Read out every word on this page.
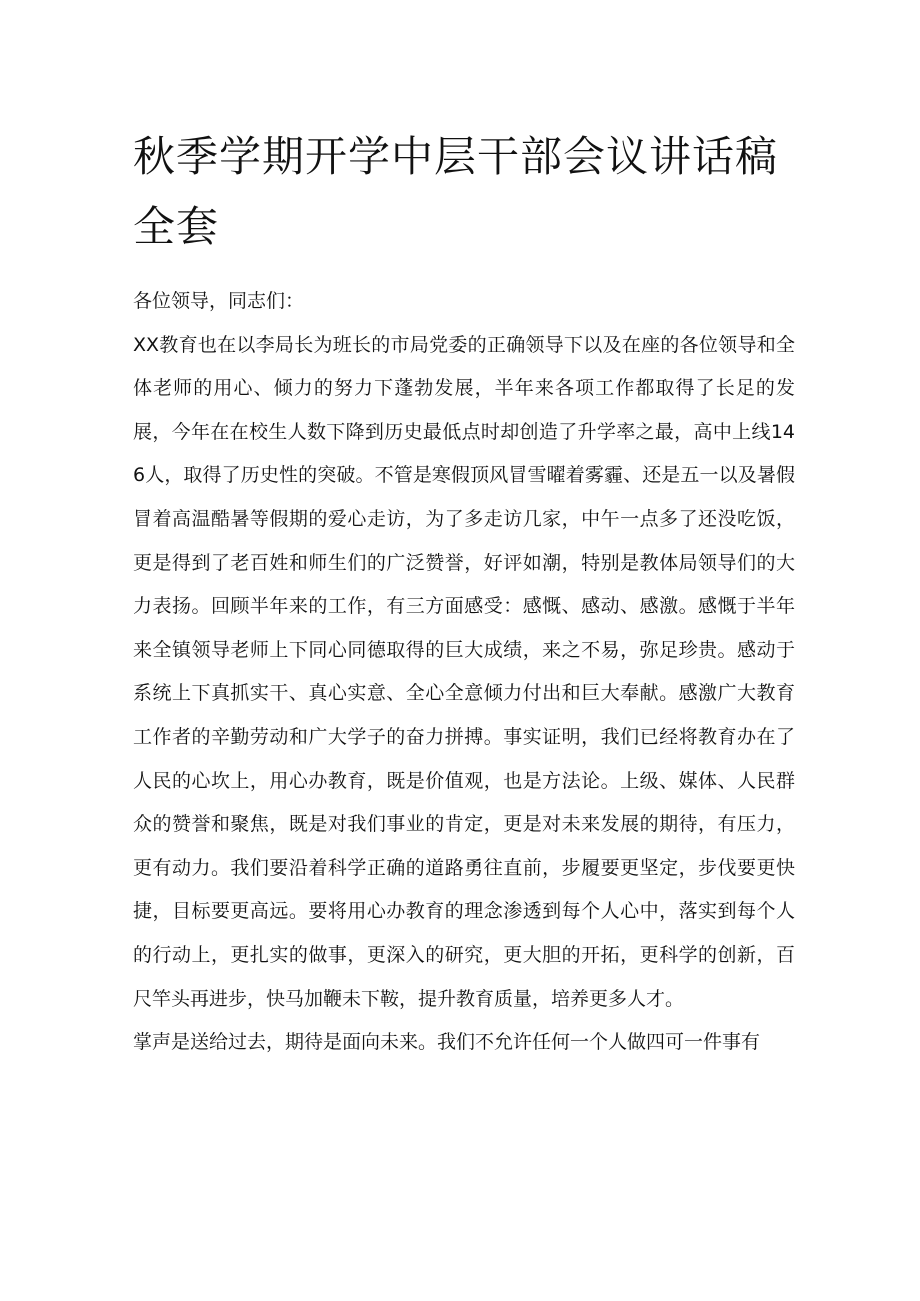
秋季学期开学中层干部会议讲话稿全套

各位领导，同志们：

XX教育也在以李局长为班长的市局党委的正确领导下以及在座的各位领导和全体老师的用心、倾力的努力下蓬勃发展，半年来各项工作都取得了长足的发展，今年在在校生人数下降到历史最低点时却创造了升学率之最，高中上线146人，取得了历史性的突破。不管是寒假顶风冒雪曜着雾霾、还是五一以及暑假冒着高温酷暑等假期的爱心走访，为了多走访几家，中午一点多了还没吃饭，更是得到了老百姓和师生们的广泛赞誉，好评如潮，特别是教体局领导们的大力表扬。回顾半年来的工作，有三方面感受：感慨、感动、感激。感慨于半年来全镇领导老师上下同心同德取得的巨大成绩，来之不易，弥足珍贵。感动于系统上下真抓实干、真心实意、全心全意倾力付出和巨大奉献。感激广大教育工作者的辛勤劳动和广大学子的奋力拼搏。事实证明，我们已经将教育办在了人民的心坎上，用心办教育，既是价值观，也是方法论。上级、媒体、人民群众的赞誉和聚焦，既是对我们事业的肯定，更是对未来发展的期待，有压力，更有动力。我们要沿着科学正确的道路勇往直前，步履要更坚定，步伐要更快捷，目标要更高远。要将用心办教育的理念渗透到每个人心中，落实到每个人的行动上，更扎实的做事，更深入的研究，更大胆的开拓，更科学的创新，百尺竿头再进步，快马加鞭未下鞍，提升教育质量，培养更多人才。

掌声是送给过去，期待是面向未来。我们不允许任何一个人做四可一件事有
